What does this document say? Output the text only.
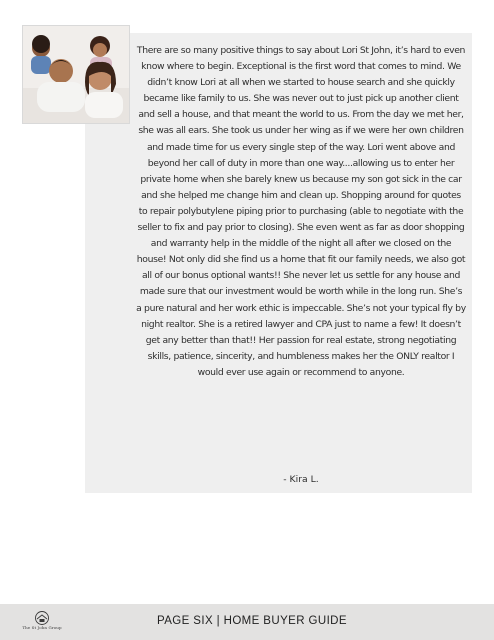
There are so many positive things to say about Lori St John, it’s hard to even know where to begin. Exceptional is the first word that comes to mind. We didn’t know Lori at all when we started to house search and she quickly became like family to us. She was never out to just pick up another client and sell a house, and that meant the world to us. From the day we met her, she was all ears. She took us under her wing as if we were her own children and made time for us every single step of the way. Lori went above and beyond her call of duty in more than one way....allowing us to enter her private home when she barely knew us because my son got sick in the car and she helped me change him and clean up. Shopping around for quotes to repair polybutylene piping prior to purchasing (able to negotiate with the seller to fix and pay prior to closing). She even went as far as door shopping and warranty help in the middle of the night all after we closed on the house! Not only did she find us a home that fit our family needs, we also got all of our bonus optional wants!! She never let us settle for any house and made sure that our investment would be worth while in the long run. She’s a pure natural and her work ethic is impeccable. She’s not your typical fly by night realtor. She is a retired lawyer and CPA just to name a few! It doesn’t get any better than that!! Her passion for real estate, strong negotiating skills, patience, sincerity, and humbleness makes her the ONLY realtor I would ever use again or recommend to anyone.

- Kira L.
The St John Group
PAGE SIX | HOME BUYER GUIDE
